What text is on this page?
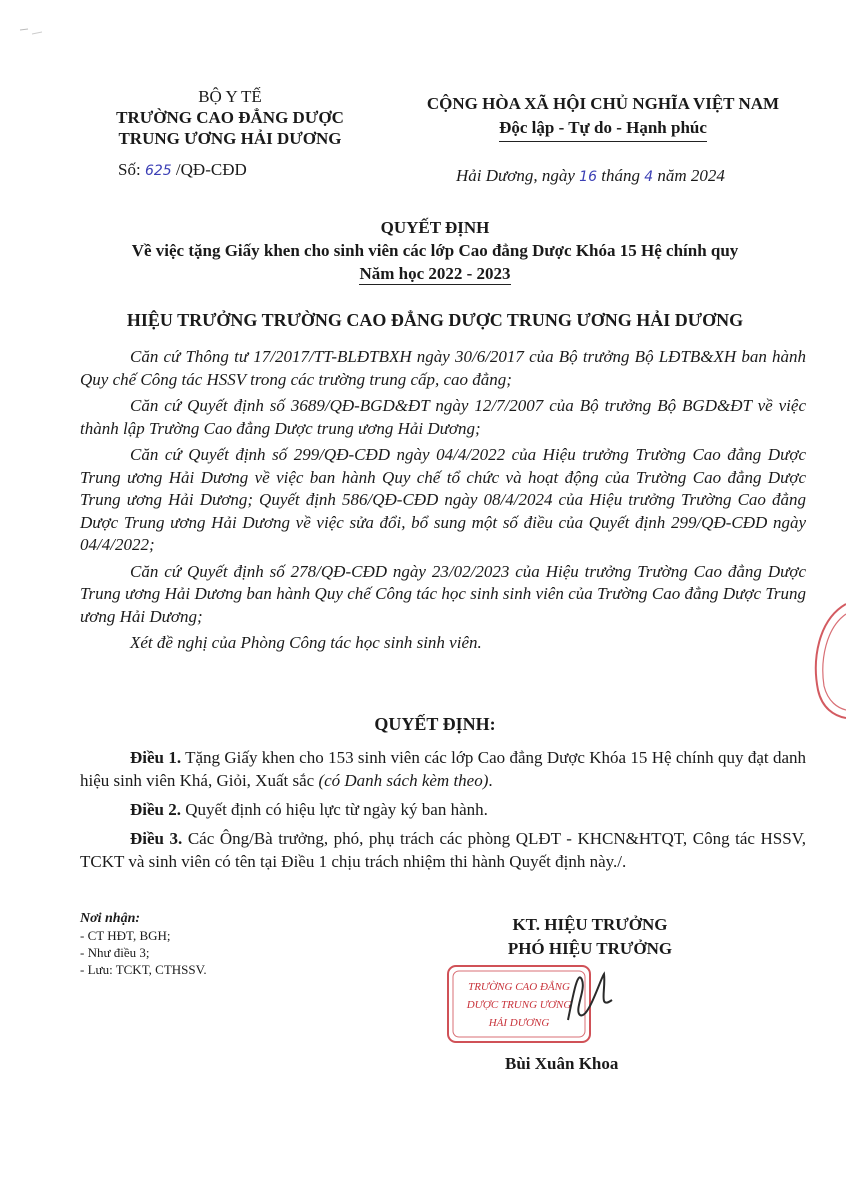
BỘ Y TẾ
TRƯỜNG CAO ĐẲNG DƯỢC
TRUNG ƯƠNG HẢI DƯƠNG
Số: 625 /QĐ-CĐD
CỘNG HÒA XÃ HỘI CHỦ NGHĨA VIỆT NAM
Độc lập - Tự do - Hạnh phúc
Hải Dương, ngày 16 tháng 4 năm 2024
QUYẾT ĐỊNH
Về việc tặng Giấy khen cho sinh viên các lớp Cao đẳng Dược Khóa 15 Hệ chính quy
Năm học 2022 - 2023
HIỆU TRƯỞNG TRƯỜNG CAO ĐẲNG DƯỢC TRUNG ƯƠNG HẢI DƯƠNG

Căn cứ Thông tư 17/2017/TT-BLĐTBXH ngày 30/6/2017 của Bộ trưởng Bộ LĐTB&XH ban hành Quy chế Công tác HSSV trong các trường trung cấp, cao đẳng;

Căn cứ Quyết định số 3689/QĐ-BGD&ĐT ngày 12/7/2007 của Bộ trưởng Bộ BGD&ĐT về việc thành lập Trường Cao đẳng Dược trung ương Hải Dương;

Căn cứ Quyết định số 299/QĐ-CĐD ngày 04/4/2022 của Hiệu trưởng Trường Cao đẳng Dược Trung ương Hải Dương về việc ban hành Quy chế tổ chức và hoạt động của Trường Cao đẳng Dược Trung ương Hải Dương; Quyết định 586/QĐ-CĐD ngày 08/4/2024 của Hiệu trưởng Trường Cao đẳng Dược Trung ương Hải Dương về việc sửa đổi, bổ sung một số điều của Quyết định 299/QĐ-CĐD ngày 04/4/2022;

Căn cứ Quyết định số 278/QĐ-CĐD ngày 23/02/2023 của Hiệu trưởng Trường Cao đẳng Dược Trung ương Hải Dương ban hành Quy chế Công tác học sinh sinh viên của Trường Cao đẳng Dược Trung ương Hải Dương;

Xét đề nghị của Phòng Công tác học sinh sinh viên.

QUYẾT ĐỊNH:

Điều 1. Tặng Giấy khen cho 153 sinh viên các lớp Cao đẳng Dược Khóa 15 Hệ chính quy đạt danh hiệu sinh viên Khá, Giỏi, Xuất sắc (có Danh sách kèm theo).

Điều 2. Quyết định có hiệu lực từ ngày ký ban hành.

Điều 3. Các Ông/Bà trưởng, phó, phụ trách các phòng QLĐT - KHCN&HTQT, Công tác HSSV, TCKT và sinh viên có tên tại Điều 1 chịu trách nhiệm thi hành Quyết định này./.

Nơi nhận:
- CT HĐT, BGH;
- Như điều 3;
- Lưu: TCKT, CTHSSV.
KT. HIỆU TRƯỞNG
PHÓ HIỆU TRƯỞNG
TRƯỜNG CAO ĐẲNG
DƯỢC TRUNG ƯƠNG
HẢI DƯƠNG
Bùi Xuân Khoa
